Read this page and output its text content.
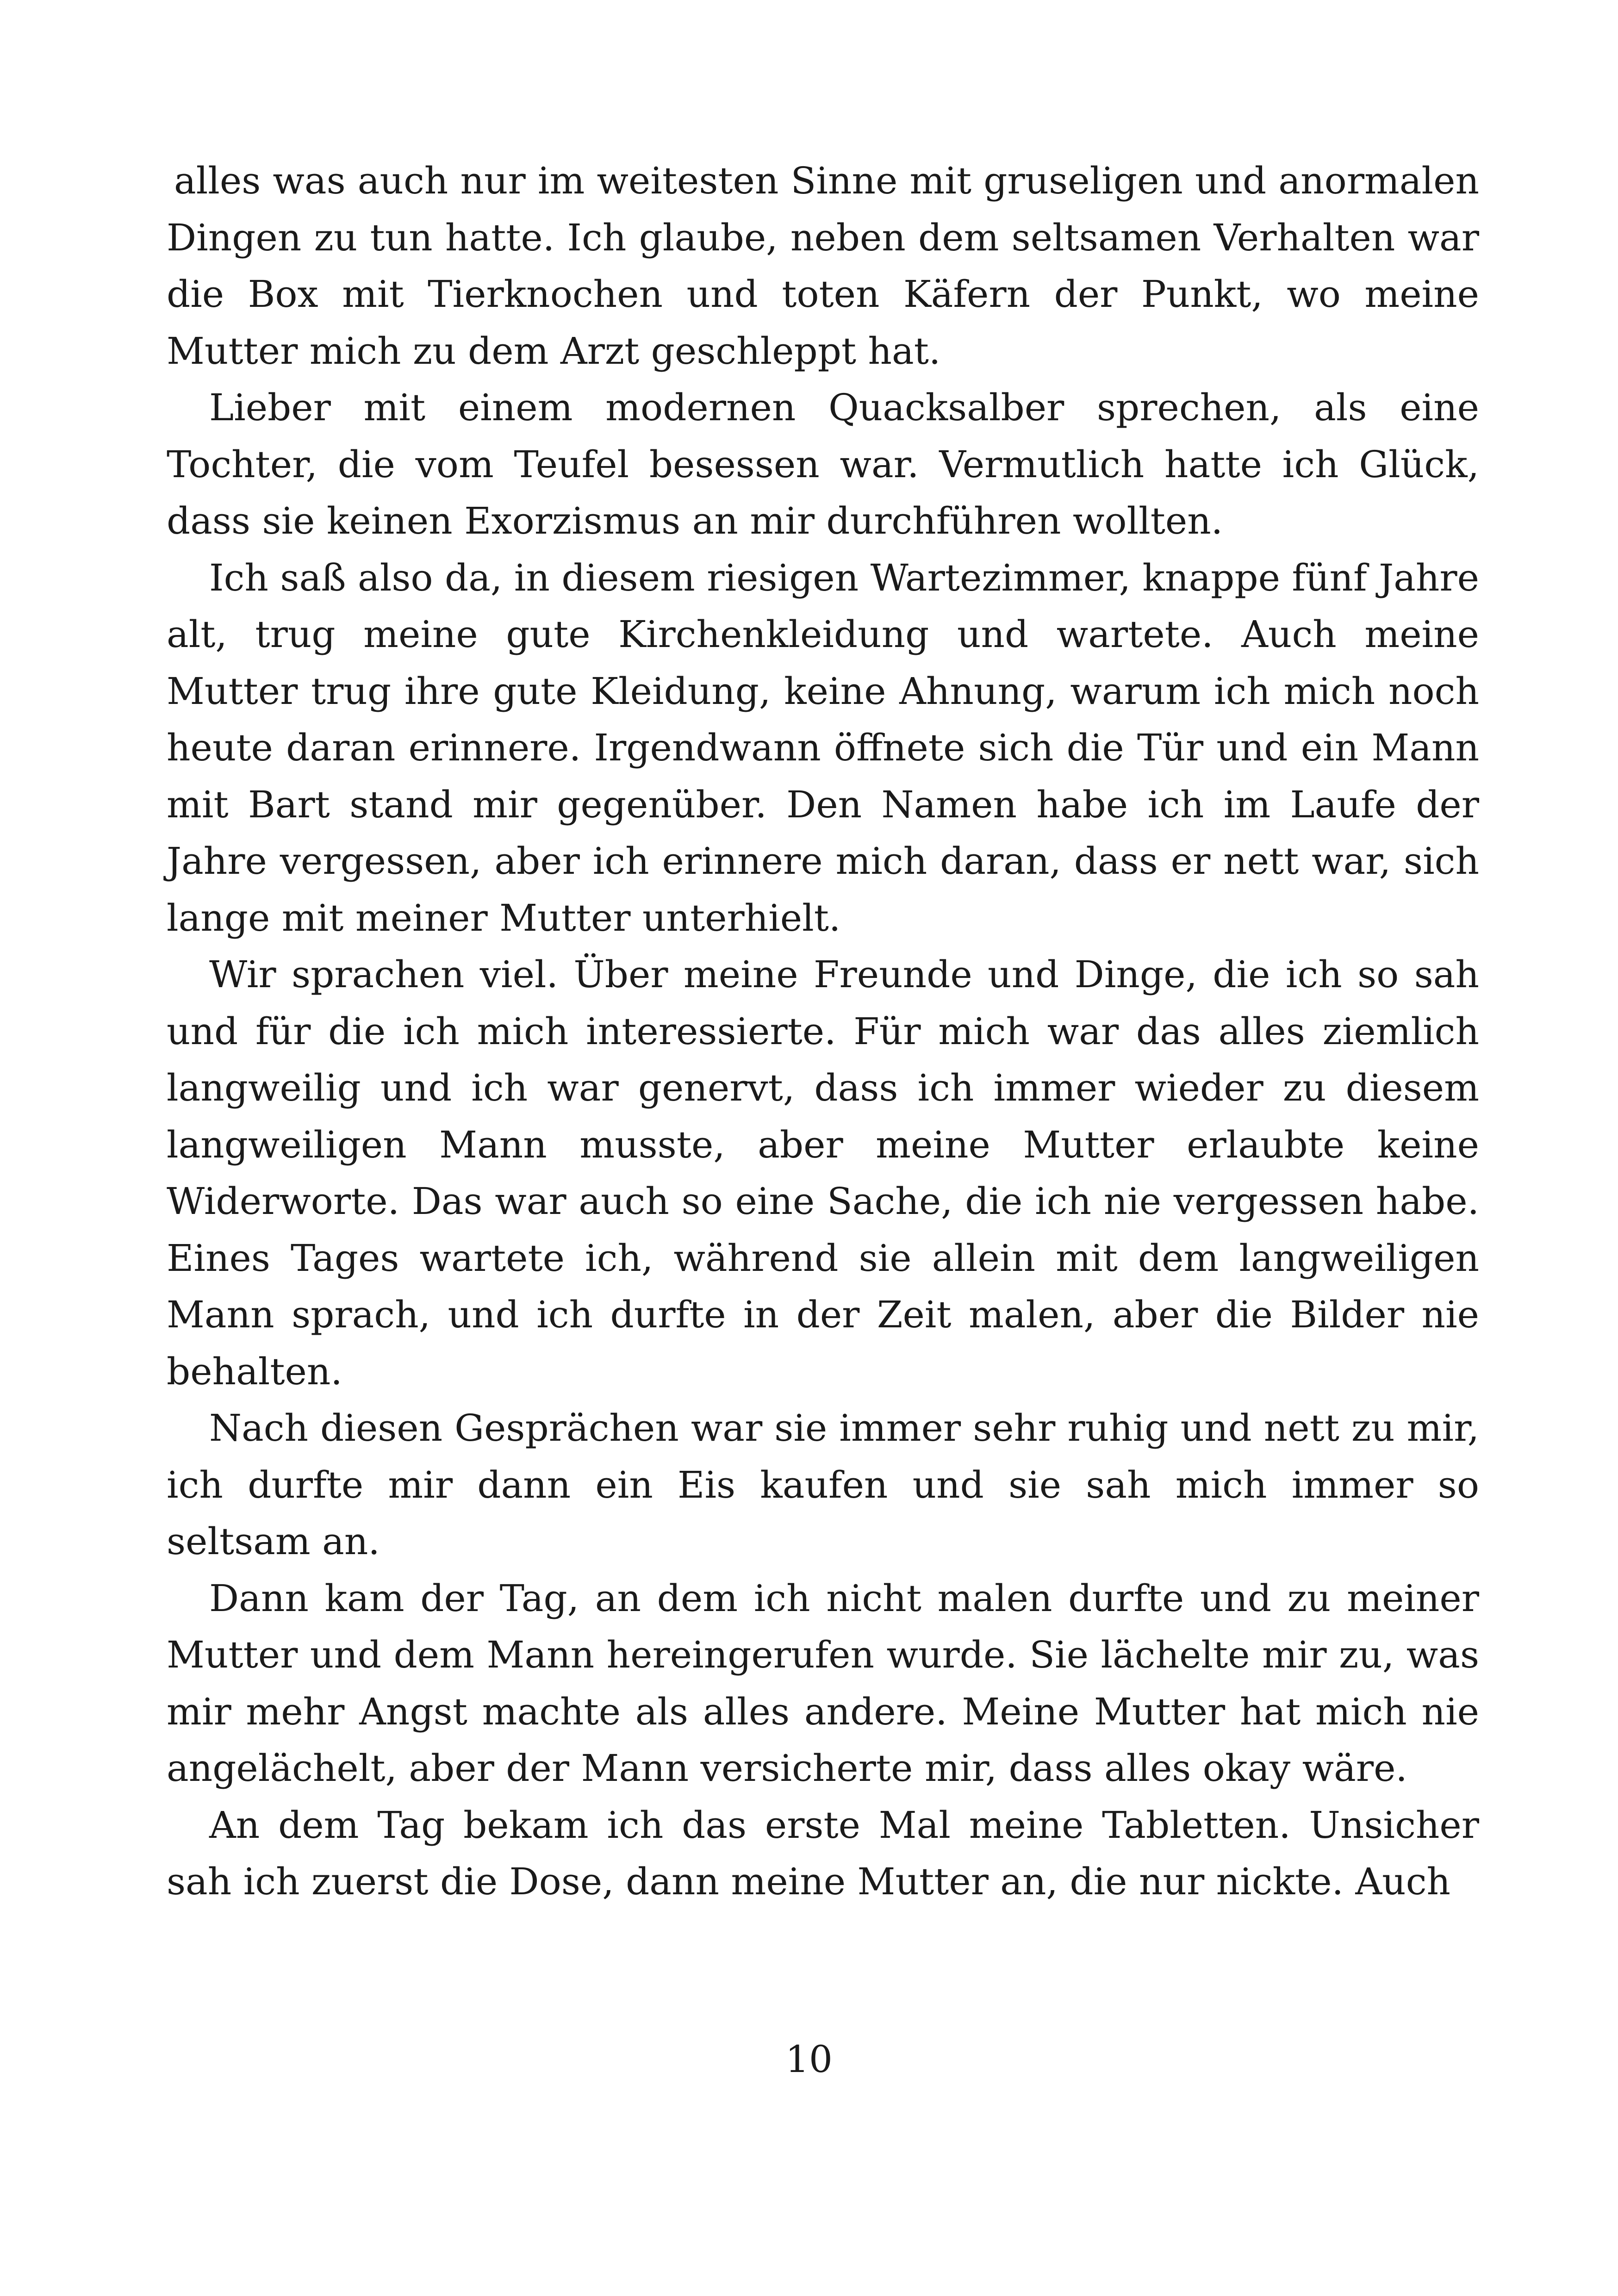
alles was auch nur im weitesten Sinne mit gruseligen und anormalen Dingen zu tun hatte. Ich glaube, neben dem seltsamen Verhalten war die Box mit Tierknochen und toten Käfern der Punkt, wo meine Mutter mich zu dem Arzt geschleppt hat.

Lieber mit einem modernen Quacksalber sprechen, als eine Tochter, die vom Teufel besessen war. Vermutlich hatte ich Glück, dass sie keinen Exorzismus an mir durchführen wollten.

Ich saß also da, in diesem riesigen Wartezimmer, knappe fünf Jahre alt, trug meine gute Kirchenkleidung und wartete. Auch meine Mutter trug ihre gute Kleidung, keine Ahnung, warum ich mich noch heute daran erinnere. Irgendwann öffnete sich die Tür und ein Mann mit Bart stand mir gegenüber. Den Namen habe ich im Laufe der Jahre vergessen, aber ich erinnere mich daran, dass er nett war, sich lange mit meiner Mutter unterhielt.

Wir sprachen viel. Über meine Freunde und Dinge, die ich so sah und für die ich mich interessierte. Für mich war das alles ziemlich langweilig und ich war genervt, dass ich immer wieder zu diesem langweiligen Mann musste, aber meine Mutter erlaubte keine Widerworte. Das war auch so eine Sache, die ich nie vergessen habe. Eines Tages wartete ich, während sie allein mit dem langweiligen Mann sprach, und ich durfte in der Zeit malen, aber die Bilder nie behalten.

Nach diesen Gesprächen war sie immer sehr ruhig und nett zu mir, ich durfte mir dann ein Eis kaufen und sie sah mich immer so seltsam an.

Dann kam der Tag, an dem ich nicht malen durfte und zu meiner Mutter und dem Mann hereingerufen wurde. Sie lächelte mir zu, was mir mehr Angst machte als alles andere. Meine Mutter hat mich nie angelächelt, aber der Mann versicherte mir, dass alles okay wäre.

An dem Tag bekam ich das erste Mal meine Tabletten. Unsicher sah ich zuerst die Dose, dann meine Mutter an, die nur nickte. Auch

10
